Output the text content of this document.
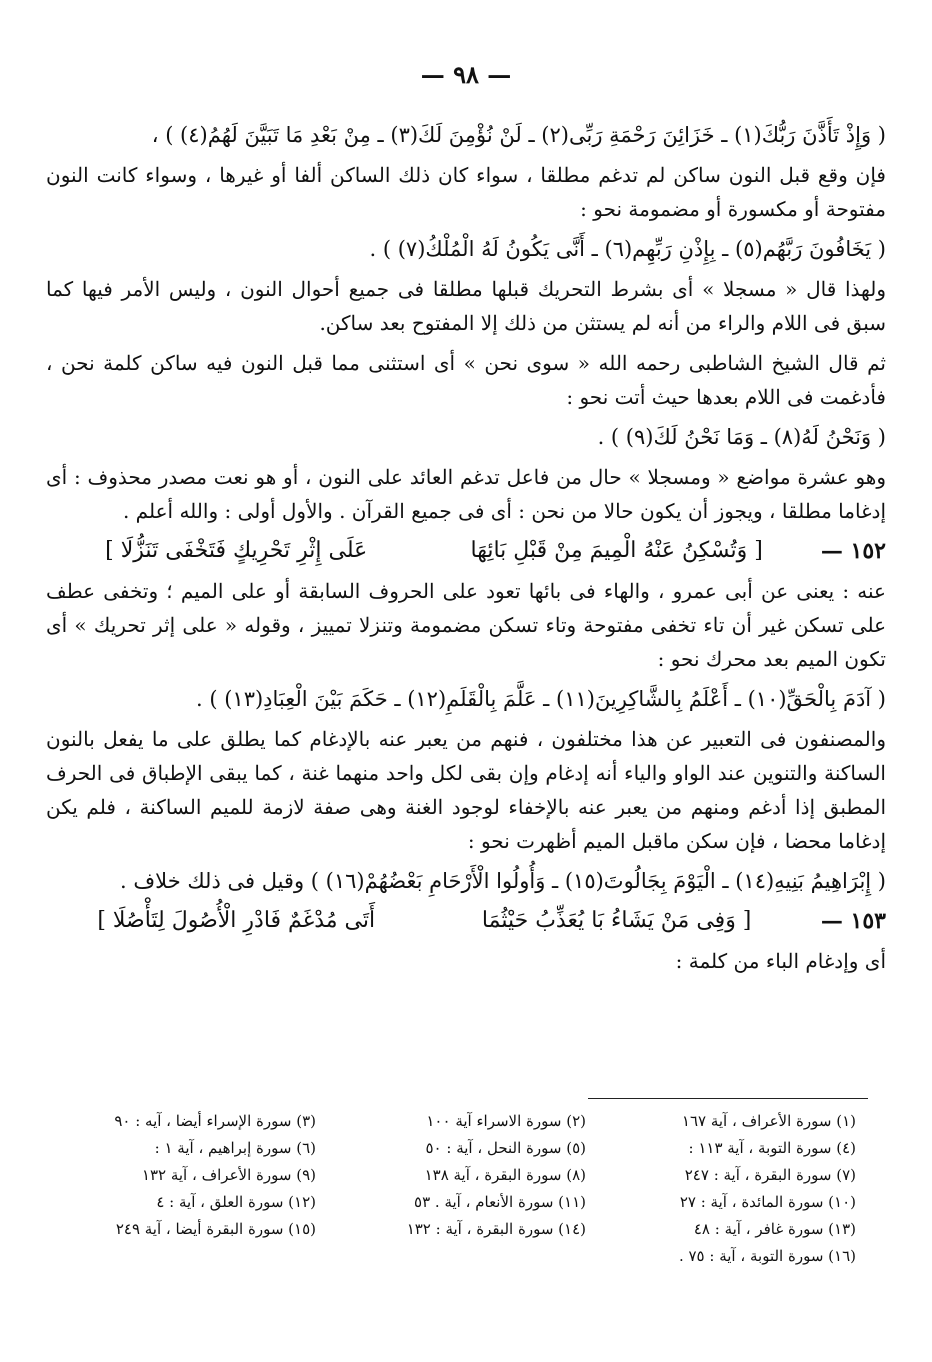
— ٩٨ —

( وَإِذْ تَأَذَّنَ رَبُّكَ(١) ـ خَزَائِنَ رَحْمَةِ رَبِّى(٢) ـ لَنْ نُؤْمِنَ لَكَ(٣) ـ مِنْ بَعْدِ مَا تَبَيَّنَ لَهُمُ(٤) ) ،

فإن وقع قبل النون ساكن لم تدغم مطلقا ، سواء كان ذلك الساكن ألفا أو غيرها ، وسواء كانت النون مفتوحة أو مكسورة أو مضمومة نحو :

( يَخَافُونَ رَبَّهُم(٥) ـ بِإِذْنِ رَبِّهِم(٦) ـ أَنَّى يَكُونُ لَهُ الْمُلْكُ(٧) ) .

ولهذا قال « مسجلا » أى بشرط التحريك قبلها مطلقا فى جميع أحوال النون ، وليس الأمر فيها كما سبق فى اللام والراء من أنه لم يستثن من ذلك إلا المفتوح بعد ساكن.

ثم قال الشيخ الشاطبى رحمه الله « سوى نحن » أى استثنى مما قبل النون فيه ساكن كلمة نحن ، فأدغمت فى اللام بعدها حيث أتت نحو :

( وَنَحْنُ لَهُ(٨) ـ وَمَا نَحْنُ لَكَ(٩) ) .

وهو عشرة مواضع « ومسجلا » حال من فاعل تدغم العائد على النون ، أو هو نعت مصدر محذوف : أى إدغاما مطلقا ، ويجوز أن يكون حالا من نحن : أى فى جميع القرآن . والأول أولى : والله أعلم .

١٥٢ —
[ وَتُسْكِنُ عَنْهُ الْمِيمَ مِنْ قَبْلِ بَائِهَا
عَلَى إِثْرِ تَحْرِيكٍ فَتَخْفَى تَنَزُّلَا ]

عنه : يعنى عن أبى عمرو ، والهاء فى بائها تعود على الحروف السابقة أو على الميم ؛ وتخفى عطف على تسكن غير أن تاء تخفى مفتوحة وتاء تسكن مضمومة وتنزلا تمييز ، وقوله « على إثر تحريك » أى تكون الميم بعد محرك نحو :

( آدَمَ بِالْحَقِّ(١٠) ـ أَعْلَمُ بِالشَّاكِرِينَ(١١) ـ عَلَّمَ بِالْقَلَمِ(١٢) ـ حَكَمَ بَيْنَ الْعِبَادِ(١٣) ) .

والمصنفون فى التعبير عن هذا مختلفون ، فنهم من يعبر عنه بالإدغام كما يطلق على ما يفعل بالنون الساكنة والتنوين عند الواو والياء أنه إدغام وإن بقى لكل واحد منهما غنة ، كما يبقى الإطباق فى الحرف المطبق إذا أدغم ومنهم من يعبر عنه بالإخفاء لوجود الغنة وهى صفة لازمة للميم الساكنة ، فلم يكن إدغاما محضا ، فإن سكن ماقبل الميم أظهرت نحو :

( إِبْرَاهِيمُ بَنِيهِ(١٤) ـ الْيَوْمَ بِجَالُوتَ(١٥) ـ وَأُولُوا الْأَرْحَامِ بَعْضُهُمْ(١٦) ) وقيل فى ذلك خلاف .

١٥٣ —
[ وَفِى مَنْ يَشَاءُ بَا يُعَذِّبُ حَيْثُمَا
أَتَى مُدْغَمٌ فَادْرِ الْأُصُولَ لِتَأْصُلَا ]

أى وإدغام الباء من كلمة :

(١) سورة الأعراف ، آية ١٦٧
(٢) سورة الاسراء آية ١٠٠
(٣) سورة الإسراء أيضا ، آيه : ٩٠
(٤) سورة التوبة ، آية ١١٣ :
(٥) سورة النحل ، آية : ٥٠
(٦) سورة إبراهيم ، آية ١ :
(٧) سورة البقرة ، آية : ٢٤٧
(٨) سورة البقرة ، آية ١٣٨
(٩) سورة الأعراف ، آية ١٣٢
(١٠) سورة المائدة ، آية : ٢٧
(١١) سورة الأنعام ، آية . ٥٣
(١٢) سورة العلق ، آية : ٤
(١٣) سورة غافر ، آية : ٤٨
(١٤) سورة البقرة ، آية : ١٣٢
(١٥) سورة البقرة أيضا ، آية ٢٤٩
(١٦) سورة التوبة ، آية : ٧٥ .
